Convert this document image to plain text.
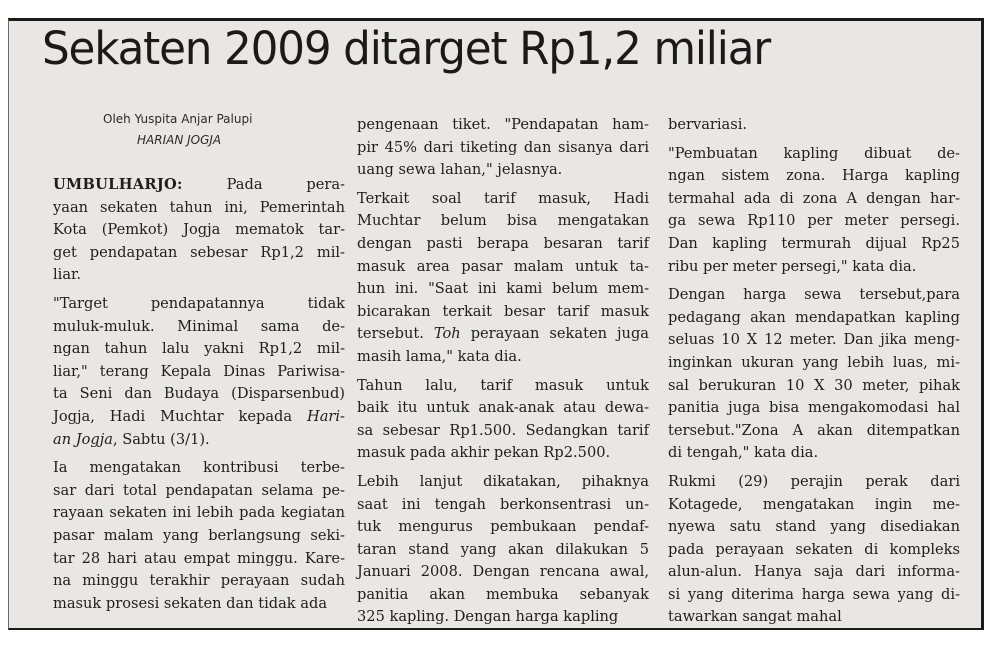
Sekaten 2009 ditarget Rp1,2 miliar
Oleh Yuspita Anjar Palupi
HARIAN JOGJA
UMBULHARJO: Pada pera-
yaan sekaten tahun ini, Pemerintah
Kota (Pemkot) Jogja mematok tar-
get pendapatan sebesar Rp1,2 mil-
liar.
"Target pendapatannya tidak
muluk-muluk. Minimal sama de-
ngan tahun lalu yakni Rp1,2 mil-
liar," terang Kepala Dinas Pariwisa-
ta Seni dan Budaya (Disparsenbud)
Jogja, Hadi Muchtar kepada Hari-
an Jogja, Sabtu (3/1).
Ia mengatakan kontribusi terbe-
sar dari total pendapatan selama pe-
rayaan sekaten ini lebih pada kegiatan
pasar malam yang berlangsung seki-
tar 28 hari atau empat minggu. Kare-
na minggu terakhir perayaan sudah
masuk prosesi sekaten dan tidak ada
pengenaan tiket. "Pendapatan ham-
pir 45% dari tiketing dan sisanya dari
uang sewa lahan," jelasnya.
Terkait soal tarif masuk, Hadi
Muchtar belum bisa mengatakan
dengan pasti berapa besaran tarif
masuk area pasar malam untuk ta-
hun ini. "Saat ini kami belum mem-
bicarakan terkait besar tarif masuk
tersebut. Toh perayaan sekaten juga
masih lama," kata dia.
Tahun lalu, tarif masuk untuk
baik itu untuk anak-anak atau dewa-
sa sebesar Rp1.500. Sedangkan tarif
masuk pada akhir pekan Rp2.500.
Lebih lanjut dikatakan, pihaknya
saat ini tengah berkonsentrasi un-
tuk mengurus pembukaan pendaf-
taran stand yang akan dilakukan 5
Januari 2008. Dengan rencana awal,
panitia akan membuka sebanyak
325 kapling. Dengan harga kapling
bervariasi.
"Pembuatan kapling dibuat de-
ngan sistem zona. Harga kapling
termahal ada di zona A dengan har-
ga sewa Rp110 per meter persegi.
Dan kapling termurah dijual Rp25
ribu per meter persegi," kata dia.
Dengan harga sewa tersebut,para
pedagang akan mendapatkan kapling
seluas 10 X 12 meter. Dan jika meng-
inginkan ukuran yang lebih luas, mi-
sal berukuran 10 X 30 meter, pihak
panitia juga bisa mengakomodasi hal
tersebut."Zona A akan ditempatkan
di tengah," kata dia.
Rukmi (29) perajin perak dari
Kotagede, mengatakan ingin me-
nyewa satu stand yang disediakan
pada perayaan sekaten di kompleks
alun-alun. Hanya saja dari informa-
si yang diterima harga sewa yang di-
tawarkan sangat mahal
